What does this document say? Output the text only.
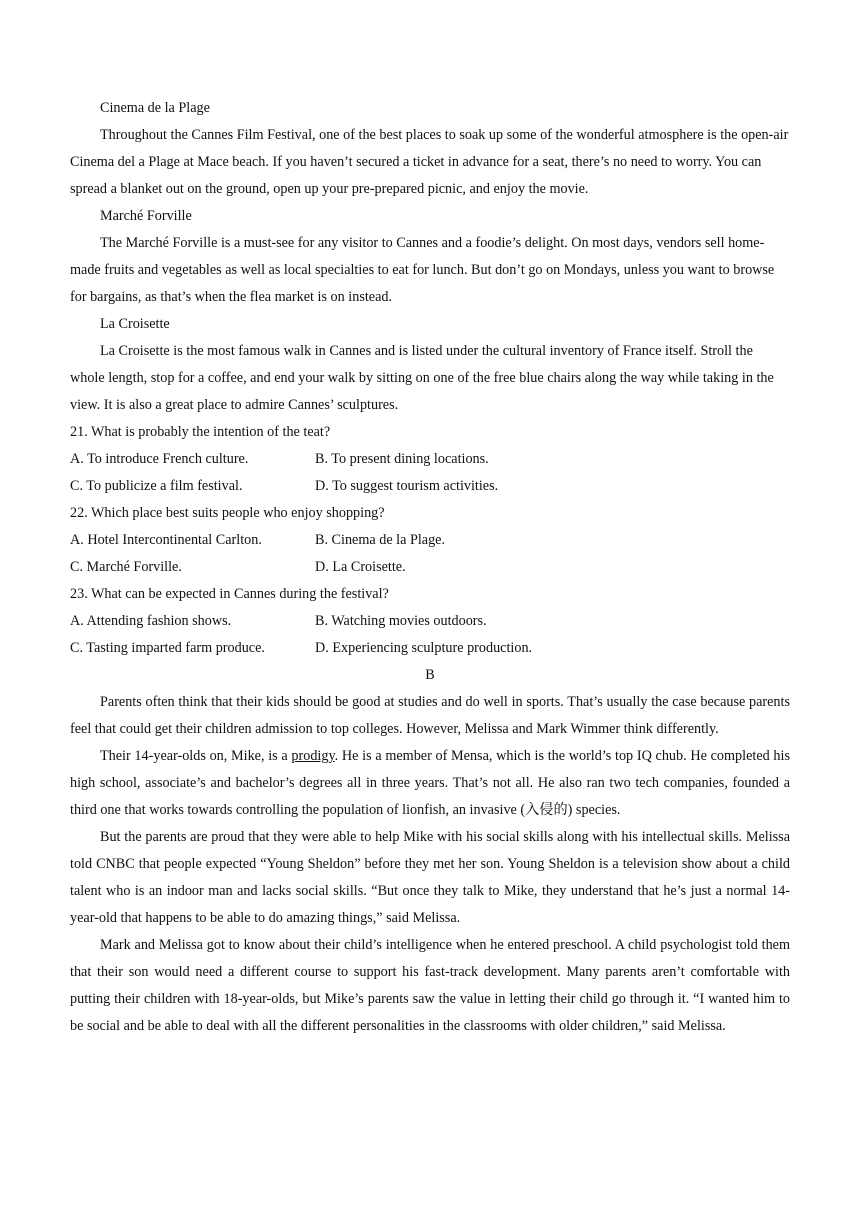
Cinema de la Plage

Throughout the Cannes Film Festival, one of the best places to soak up some of the wonderful atmosphere is the open-air Cinema del a Plage at Mace beach. If you haven’t secured a ticket in advance for a seat, there’s no need to worry. You can spread a blanket out on the ground, open up your pre-prepared picnic, and enjoy the movie.

Marché Forville

The Marché Forville is a must-see for any visitor to Cannes and a foodie’s delight. On most days, vendors sell home-made fruits and vegetables as well as local specialties to eat for lunch. But don’t go on Mondays, unless you want to browse for bargains, as that’s when the flea market is on instead.

La Croisette

La Croisette is the most famous walk in Cannes and is listed under the cultural inventory of France itself. Stroll the whole length, stop for a coffee, and end your walk by sitting on one of the free blue chairs along the way while taking in the view. It is also a great place to admire Cannes’ sculptures.

21. What is probably the intention of the teat?

A. To introduce French culture.	B. To present dining locations.
C. To publicize a film festival.	D. To suggest tourism activities.

22. Which place best suits people who enjoy shopping?

A. Hotel Intercontinental Carlton.	B. Cinema de la Plage.
C. Marché Forville.	D. La Croisette.

23. What can be expected in Cannes during the festival?

A. Attending fashion shows.	B. Watching movies outdoors.
C. Tasting imparted farm produce.	D. Experiencing sculpture production.

B

Parents often think that their kids should be good at studies and do well in sports. That’s usually the case because parents feel that could get their children admission to top colleges. However, Melissa and Mark Wimmer think differently.

Their 14-year-olds on, Mike, is a prodigy. He is a member of Mensa, which is the world’s top IQ chub. He completed his high school, associate’s and bachelor’s degrees all in three years. That’s not all. He also ran two tech companies, founded a third one that works towards controlling the population of lionfish, an invasive (入侵的) species.

But the parents are proud that they were able to help Mike with his social skills along with his intellectual skills. Melissa told CNBC that people expected “Young Sheldon” before they met her son. Young Sheldon is a television show about a child talent who is an indoor man and lacks social skills. “But once they talk to Mike, they understand that he’s just a normal 14-year-old that happens to be able to do amazing things,” said Melissa.

Mark and Melissa got to know about their child’s intelligence when he entered preschool. A child psychologist told them that their son would need a different course to support his fast-track development. Many parents aren’t comfortable with putting their children with 18-year-olds, but Mike’s parents saw the value in letting their child go through it. “I wanted him to be social and be able to deal with all the different personalities in the classrooms with older children,” said Melissa.
